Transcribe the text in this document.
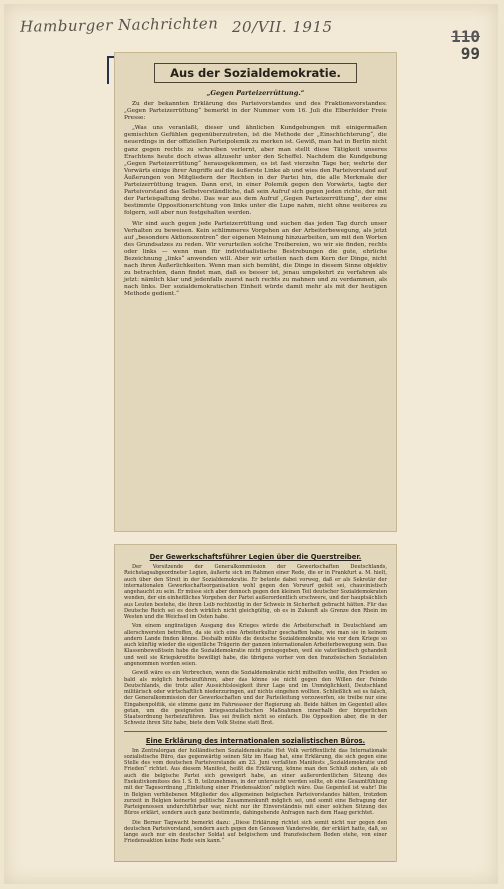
Hamburger Nachrichten 20/VII. 1915	110
99
Aus der Sozialdemokratie.
„Gegen Parteizerrüttung.“

Zu der bekannten Erklärung des Parteivorstandes und des Fraktionsvorstandes: „Gegen Parteizerrüttung“ bemerkt in der Nummer vom 16. Juli die Elberfelder Freie Presse:

„Was uns veranlaßt, dieser und ähnlichen Kundgebungen mit einigermaßen gemischten Gefühlen gegenüberzutreten, ist die Methode der „Einschüchterung“, die neuerdings in der offiziellen Parteipolemik zu merken ist. Gewiß, man hat in Berlin nicht ganz gegen rechts zu schreiben verlernt, aber man stellt diese Tätigkeit unseres Erachtens heute doch etwas allzusehr unter den Scheffel. Nachdem die Kundgebung „Gegen Parteizerrüttung“ herausgekommen, es ist fast vierzehn Tage her, wehrte der Vorwärts einige ihrer Angriffe auf die äußerste Linke ab und wies den Parteivorstand auf Äußerungen von Mitgliedern der Rechten in der Partei hin, die alle Merkmale der Parteizerrüttung tragen. Dann erst, in einer Polemik gegen den Vorwärts, tagte der Parteivorstand das Selbstverständliche, daß sein Aufruf sich gegen jeden richte, der mit der Parteispaltung drohe. Das war aus dem Aufruf „Gegen Parteizerrüttung“, der eine bestimmte Oppositionsrichtung von links unter die Lupe nahm, nicht ohne weiteres zu folgern, soll aber nun festgehalten werden.

Wir sind auch gegen jede Parteizerrüttung und suchen das jeden Tag durch unser Verhalten zu beweisen. Kein schlimmeres Vorgehen an der Arbeiterbewegung, als jetzt auf „besondere Aktionszentren“ der eigenen Meinung hinzuarbeiten, um mit den Worten des Grundsatzes zu reden. Wir verurteilen solche Treibereien, wo wir sie finden, rechts oder links — wenn man für individualistische Bestrebungen die gute, ehrliche Bezeichnung „links“ anwenden will. Aber wir urteilen nach dem Kern der Dinge, nicht nach ihren Äußerlichkeiten. Wenn man sich bemüht, die Dinge in diesem Sinne objektiv zu betrachten, dann findet man, daß es besser ist, jenau umgekehrt zu verfahren als jetzt: nämlich klar und jedenfalls zuerst nach rechts zu mahnen und zu verdammen, als nach links. Der sozialdemokratischen Einheit würde damit mehr als mit der heutigen Methode gedient.“

Der Gewerkschaftsführer Legien über die Querstreiber.

Der Vorsitzende der Generalkommission der Gewerkschaften Deutschlands, Reichstagsabgeordneter Legien, äußerte sich im Rahmen einer Rede, die er in Frankfurt a. M. hielt, auch über den Streit in der Sozialdemokratie. Er betonte dabei vorweg, daß er als Sekretär der internationalen Gewerkschaftsorganisation wohl gegen den Vorwurf gefeit sei, chauvinistisch angehaucht zu sein. Er müsse sich aber dennoch gegen den kleinen Teil deutscher Sozialdemokraten wenden, der ein einheitliches Vorgehen der Partei außerordentlich erschwere, und der hauptsächlich aus Leuten bestehe, die ihren Leib rechtzeitig in der Schweiz in Sicherheit gebracht hätten. Für das Deutsche Reich sei es doch wirklich nicht gleichgültig, ob es in Zukunft als Grenze den Rhein im Westen und die Weichsel im Osten habe.

Von einem ungünstigen Ausgang des Krieges würde die Arbeiterschaft in Deutschland am allerschwersten betroffen, da sie sich eine Arbeiterkultur geschaffen habe, wie man sie in keinem andern Lande finden könne. Deshalb müßte die deutsche Sozialdemokratie wie vor dem Kriege so auch künftig wieder die eigentliche Trägerin der ganzen internationalen Arbeiterbewegung sein. Das Klassenbewußtsein habe die Sozialdemokratie nicht preisgegeben, weil sie vaterländisch gehandelt und weil sie Kriegskredite bewilligt habe, die übrigens vorher von den französischen Sozialisten angenommen worden seien.

Gewiß wäre es ein Verbrechen, wenn die Sozialdemokratie nicht mithelfen wollte, den Frieden so bald als möglich herbeizuführen, aber das könne sie nicht gegen den Willen der Feinde Deutschlands, die trotz aller Aussichtslosigkeit ihrer Lage und im Unmöglichkeit, Deutschland militärisch oder wirtschaftlich niederzuringen, auf nichts eingehen wollten. Schließlich sei es falsch, der Generalkommission der Gewerkschaften und der Parteileitung vorzuwerfen, sie treibe nur eine Eingabenpolitik, sie stimme ganz im Fahrwasser der Regierung ab. Beide hätten im Gegenteil alles getan, um die geeigneten kriegssozialistischen Maßnahmen innerhalb der bürgerlichen Staatsordnung herbeizuführen. Das sei freilich nicht so einfach. Die Opposition aber, die in der Schweiz ihren Sitz habe, biete dem Volk Steine statt Brot.

Eine Erklärung des internationalen sozialistischen Büros.

Im Zentralorgan der holländischen Sozialdemokratie Het Volk veröffentlicht das Internationale sozialistische Büro, das gegenwärtig seinen Sitz im Haag hat, eine Erklärung, die sich gegen eine Stelle des vom deutschen Parteivorstande am 23. Juni verfaßten Manifests „Sozialdemokratie und Frieden“ richtet. Aus diesem Manifest, heißt die Erklärung, könne man den Schluß ziehen, als ob auch die belgische Partei sich geweigert habe, an einer außerordentlichen Sitzung des Exekutivkomitees des I. S. B. teilzunehmen, in der untersucht werden sollte, ob eine Gesamtfühlung mit der Tagesordnung „Einleitung einer Friedensaktion“ möglich wäre. Das Gegenteil ist wahr! Die in Belgien verbliebenen Mitglieder des allgemeinen belgischen Parteivorstandes hätten, trotzdem zurzeit in Belgien keinerlei politische Zusammenkunft möglich sei, und somit eine Befragung der Parteigenossen undurchführbar war, nicht nur ihr Einverständnis mit einer solchen Sitzung des Büros erklärt, sondern auch ganz bestimmte, dahingehende Anfragen nach dem Haag gerichtet.

Die Berner Tagwacht bemerkt dazu: „Diese Erklärung richtet sich somit nicht nur gegen den deutschen Parteivorstand, sondern auch gegen den Genossen Vandervelde, der erklärt hatte, daß, so lange auch nur ein deutscher Soldat auf belgischem und französischem Boden stehe, von einer Friedensaktion keine Rede sein kann.“
